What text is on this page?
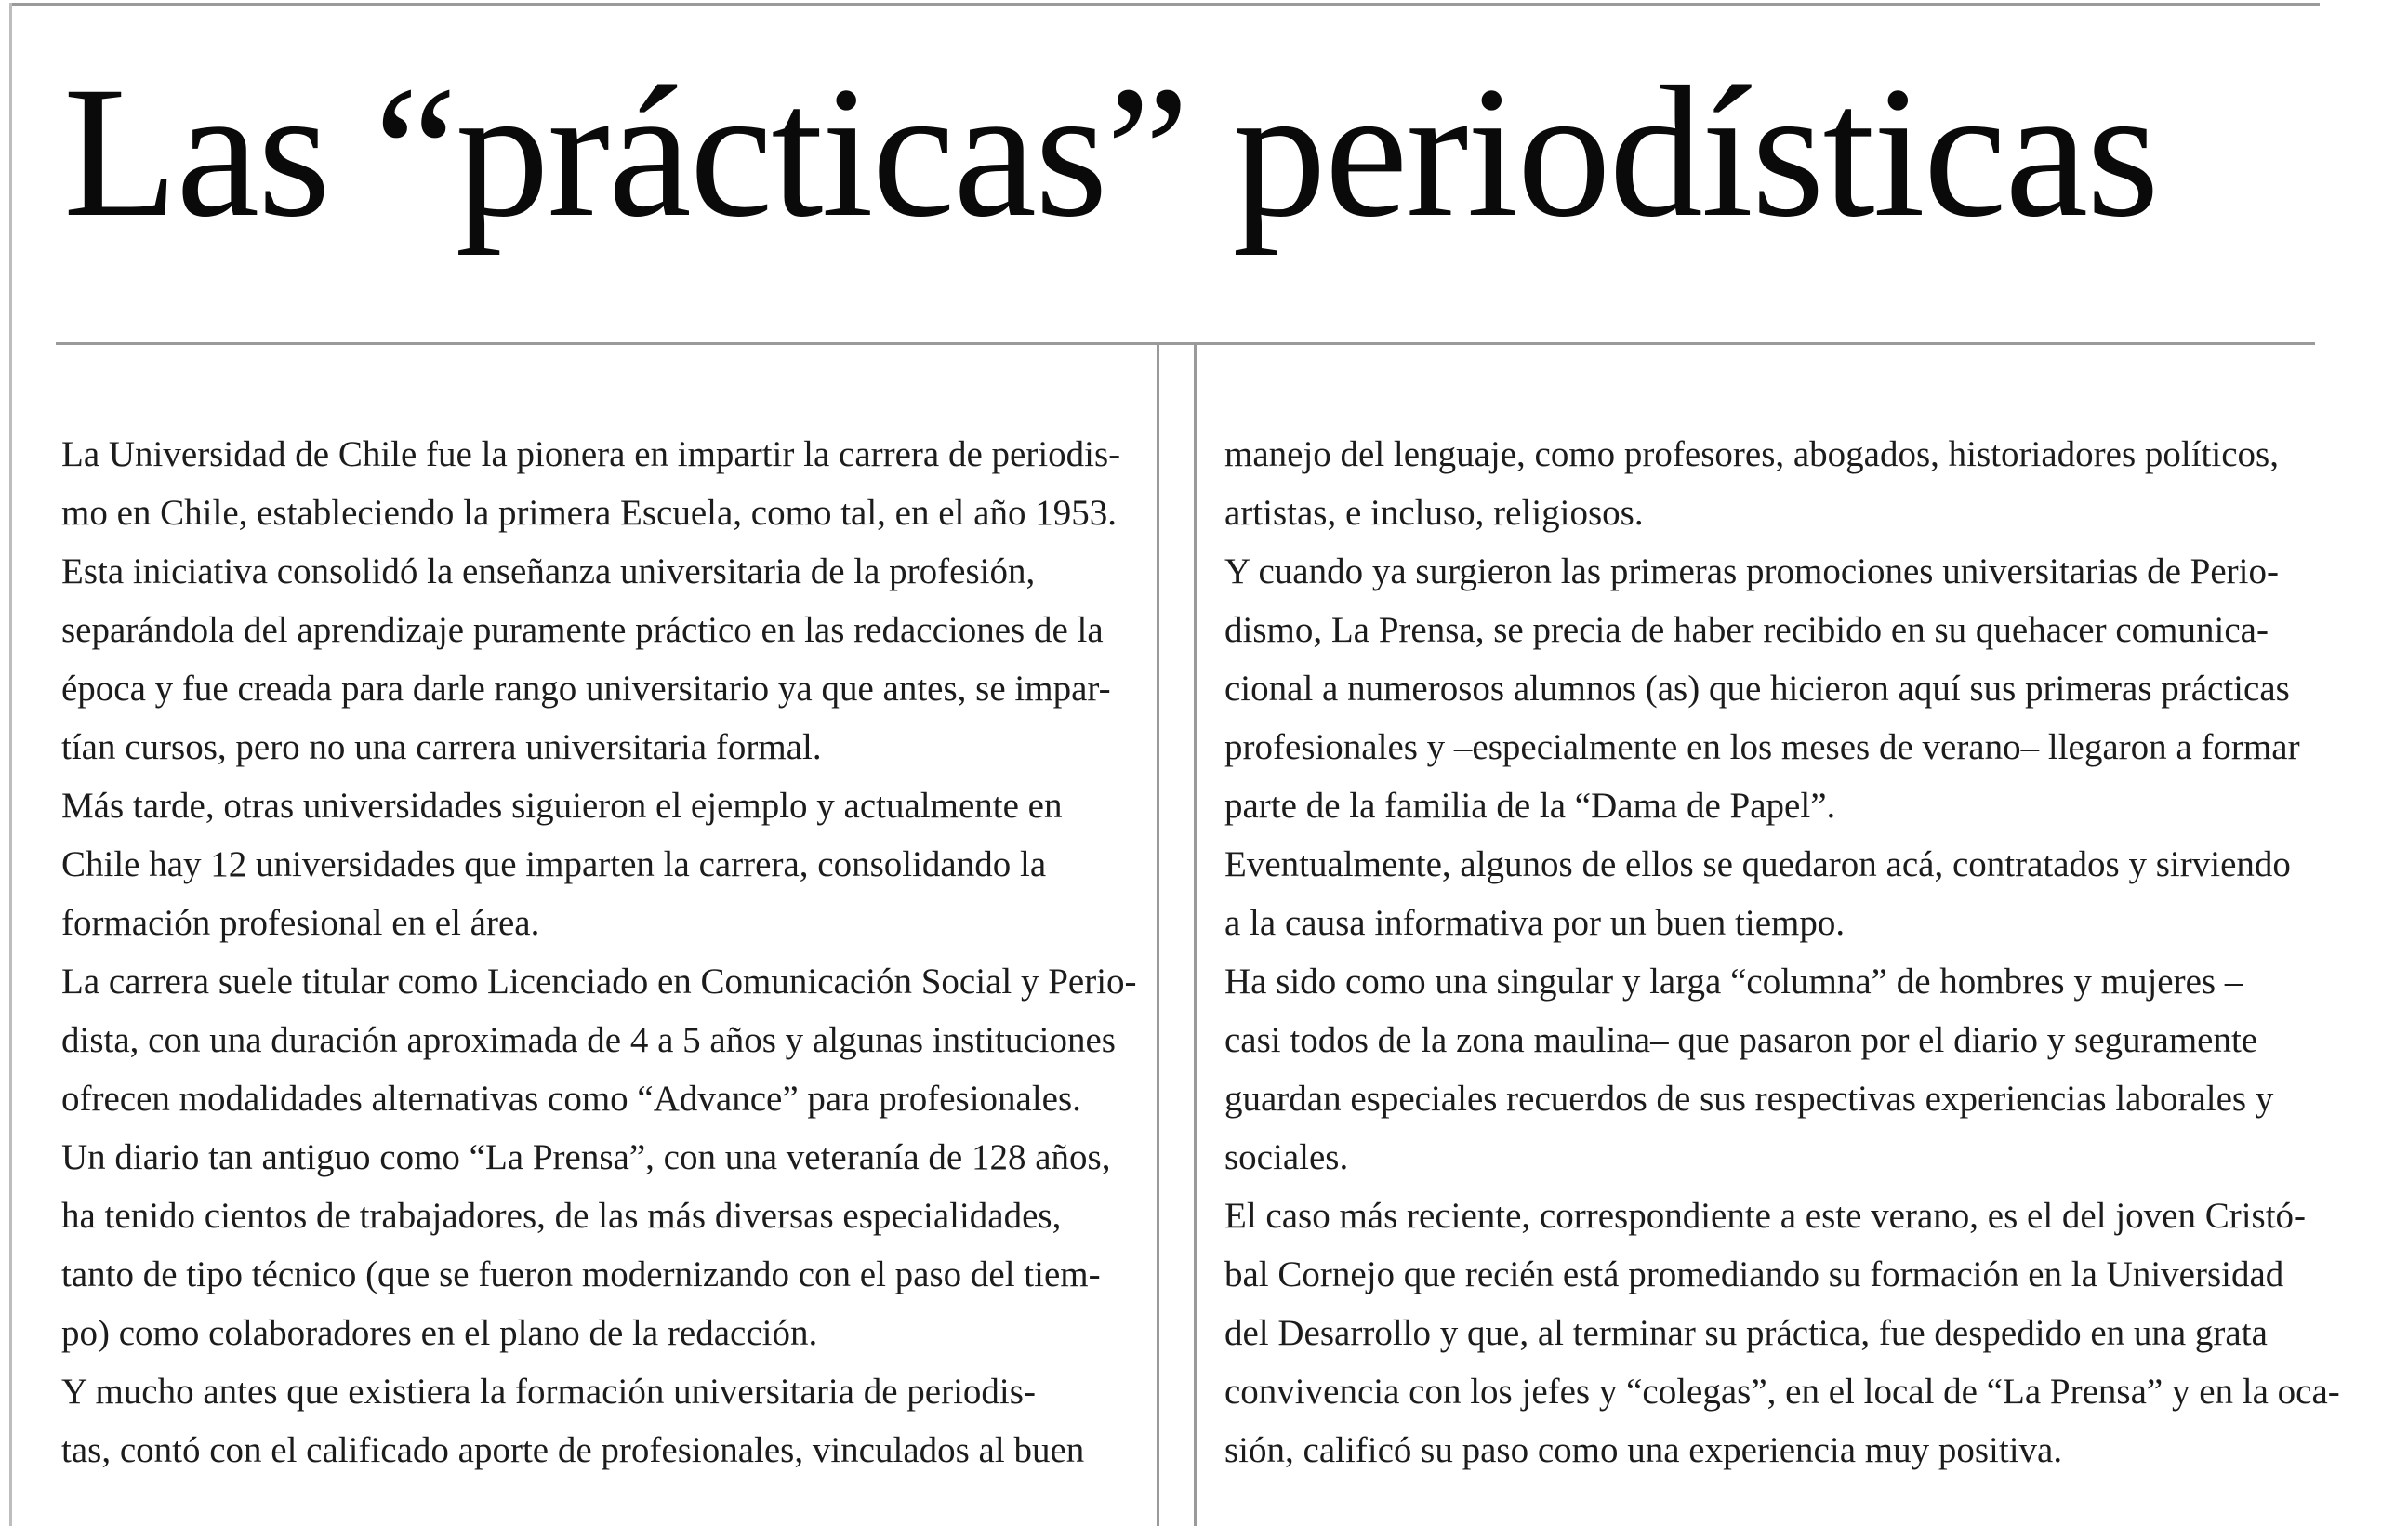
Las “prácticas” periodísticas
La Universidad de Chile fue la pionera en impartir la carrera de periodis-
mo en Chile, estableciendo la primera Escuela, como tal, en el año 1953.
Esta iniciativa consolidó la enseñanza universitaria de la profesión,
separándola del aprendizaje puramente práctico en las redacciones de la
época y fue creada para darle rango universitario ya que antes, se impar-
tían cursos, pero no una carrera universitaria formal.
Más tarde, otras universidades siguieron el ejemplo y actualmente en
Chile hay 12 universidades que imparten la carrera, consolidando la
formación profesional en el área.
La carrera suele titular como Licenciado en Comunicación Social y Perio-
dista, con una duración aproximada de 4 a 5 años y algunas instituciones
ofrecen modalidades alternativas como “Advance” para profesionales.
Un diario tan antiguo como “La Prensa”, con una veteranía de 128 años,
ha tenido cientos de trabajadores, de las más diversas especialidades,
tanto de tipo técnico (que se fueron modernizando con el paso del tiem-
po) como colaboradores en el plano de la redacción.
Y mucho antes que existiera la formación universitaria de periodis-
tas, contó con el calificado aporte de profesionales, vinculados al buen
manejo del lenguaje, como profesores, abogados, historiadores políticos,
artistas, e incluso, religiosos.
Y cuando ya surgieron las primeras promociones universitarias de Perio-
dismo, La Prensa, se precia de haber recibido en su quehacer comunica-
cional a numerosos alumnos (as) que hicieron aquí sus primeras prácticas
profesionales y –especialmente en los meses de verano– llegaron a formar
parte de la familia de la “Dama de Papel”.
Eventualmente, algunos de ellos se quedaron acá, contratados y sirviendo
a la causa informativa por un buen tiempo.
Ha sido como una singular y larga “columna” de hombres y mujeres –
casi todos de la zona maulina– que pasaron por el diario y seguramente
guardan especiales recuerdos de sus respectivas experiencias laborales y
sociales.
El caso más reciente, correspondiente a este verano, es el del joven Cristó-
bal Cornejo que recién está promediando su formación en la Universidad
del Desarrollo y que, al terminar su práctica, fue despedido en una grata
convivencia con los jefes y “colegas”, en el local de “La Prensa” y en la oca-
sión, calificó su paso como una experiencia muy positiva.
